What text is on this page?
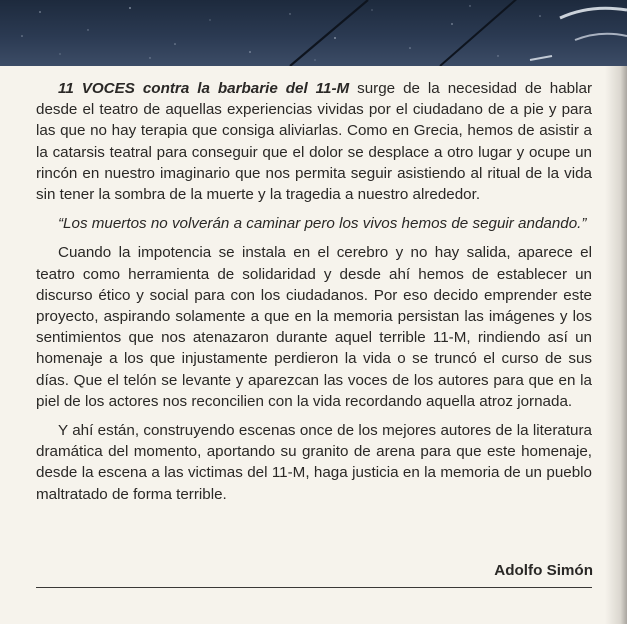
11 VOCES contra la barbarie del 11-M surge de la necesidad de hablar desde el teatro de aquellas experiencias vividas por el ciudadano de a pie y para las que no hay terapia que consiga aliviarlas. Como en Grecia, hemos de asistir a la catarsis teatral para conseguir que el dolor se desplace a otro lugar y ocupe un rincón en nuestro imaginario que nos permita seguir asistiendo al ritual de la vida sin tener la sombra de la muerte y la tragedia a nuestro alrededor.

“Los muertos no volverán a caminar pero los vivos hemos de seguir andando.”

Cuando la impotencia se instala en el cerebro y no hay salida, aparece el teatro como herramienta de solidaridad y desde ahí hemos de establecer un discurso ético y social para con los ciudadanos. Por eso decido emprender este proyecto, aspirando solamente a que en la memoria persistan las imágenes y los sentimientos que nos atenazaron durante aquel terrible 11-M, rindiendo así un homenaje a los que injustamente perdieron la vida o se truncó el curso de sus días. Que el telón se levante y aparezcan las voces de los autores para que en la piel de los actores nos reconcilien con la vida recordando aquella atroz jornada.

Y ahí están, construyendo escenas once de los mejores autores de la literatura dramática del momento, aportando su granito de arena para que este homenaje, desde la escena a las victimas del 11-M, haga justicia en la memoria de un pueblo maltratado de forma terrible.

Adolfo Simón
